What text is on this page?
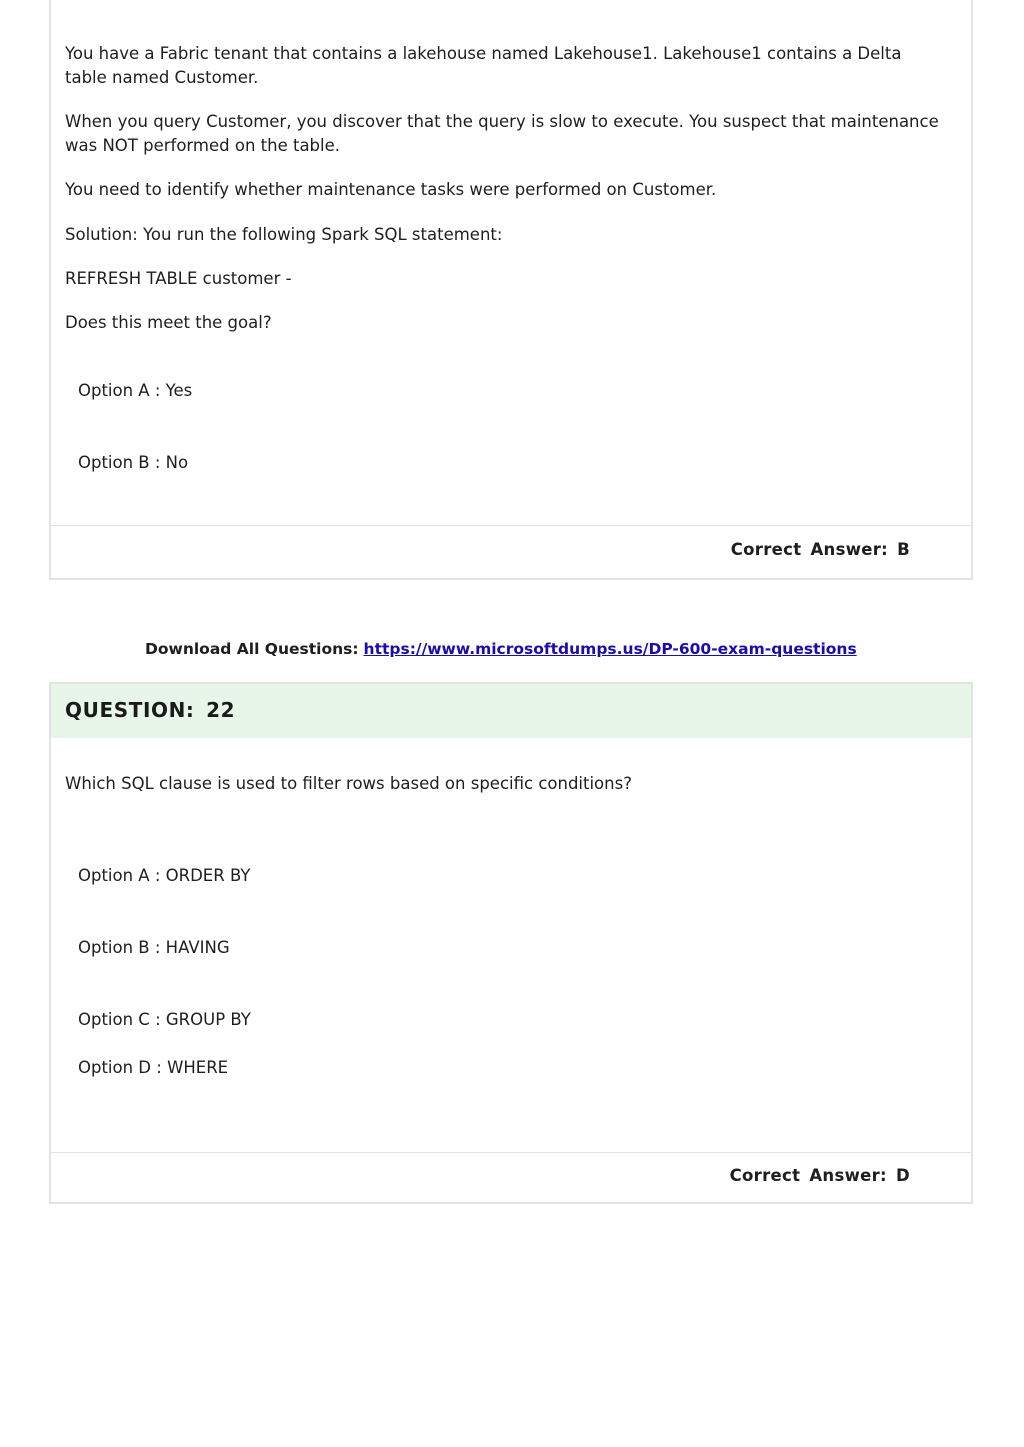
You have a Fabric tenant that contains a lakehouse named Lakehouse1. Lakehouse1 contains a Delta table named Customer.
When you query Customer, you discover that the query is slow to execute. You suspect that maintenance was NOT performed on the table.
You need to identify whether maintenance tasks were performed on Customer.
Solution: You run the following Spark SQL statement:
REFRESH TABLE customer -
Does this meet the goal?
Option A : Yes
Option B : No
Correct Answer: B
Download All Questions: https://www.microsoftdumps.us/DP-600-exam-questions
QUESTION: 22
Which SQL clause is used to filter rows based on specific conditions?
Option A : ORDER BY
Option B : HAVING
Option C : GROUP BY
Option D : WHERE
Correct Answer: D
